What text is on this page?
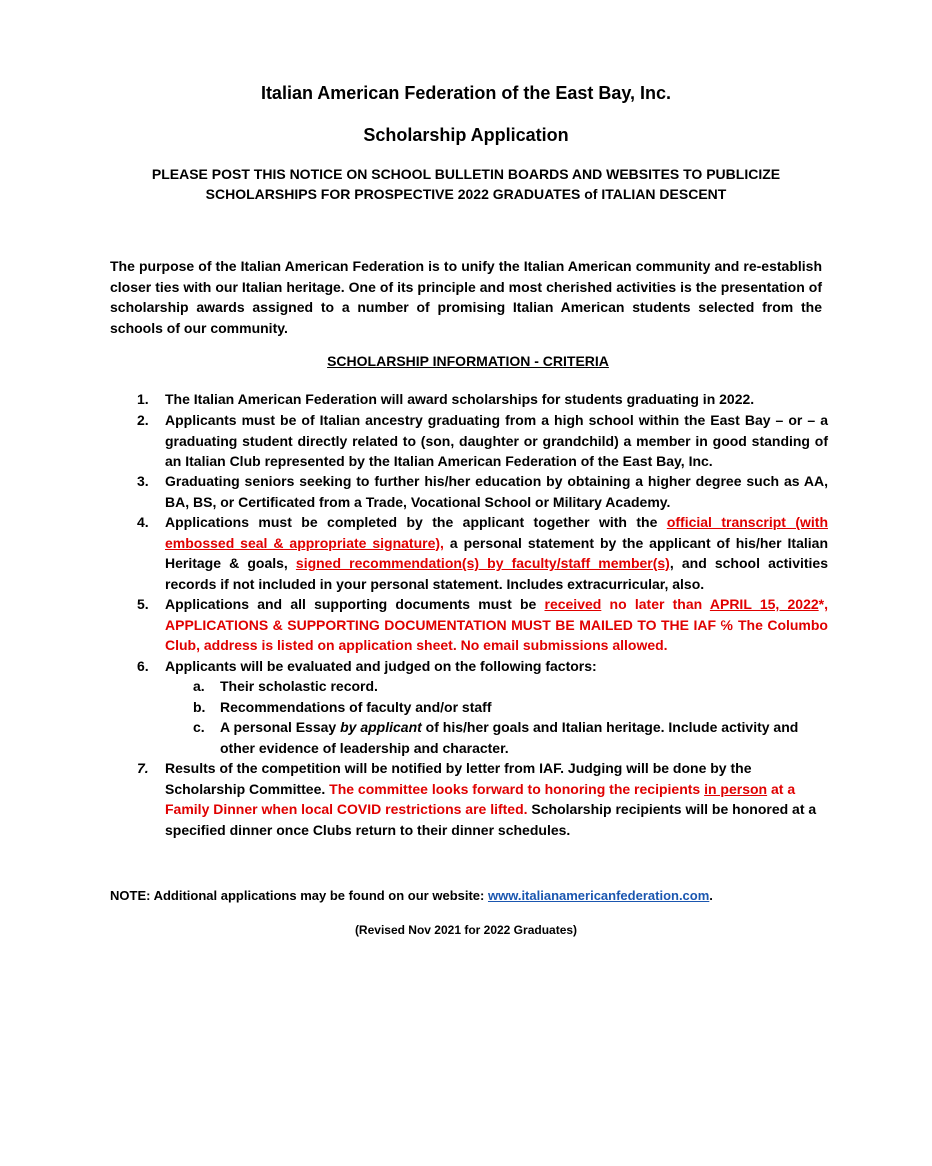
Italian American Federation of the East Bay, Inc.
Scholarship Application
PLEASE POST THIS NOTICE ON SCHOOL BULLETIN BOARDS AND WEBSITES TO PUBLICIZE
SCHOLARSHIPS FOR PROSPECTIVE 2022 GRADUATES of ITALIAN DESCENT
The purpose of the Italian American Federation is to unify the Italian American community and re-establish closer ties with our Italian heritage. One of its principle and most cherished activities is the presentation of scholarship awards assigned to a number of promising Italian American students selected from the schools of our community.
SCHOLARSHIP INFORMATION - CRITERIA
1. The Italian American Federation will award scholarships for students graduating in 2022.
2. Applicants must be of Italian ancestry graduating from a high school within the East Bay – or – a graduating student directly related to (son, daughter or grandchild) a member in good standing of an Italian Club represented by the Italian American Federation of the East Bay, Inc.
3. Graduating seniors seeking to further his/her education by obtaining a higher degree such as AA, BA, BS, or Certificated from a Trade, Vocational School or Military Academy.
4. Applications must be completed by the applicant together with the official transcript (with embossed seal & appropriate signature), a personal statement by the applicant of his/her Italian Heritage & goals, signed recommendation(s) by faculty/staff member(s), and school activities records if not included in your personal statement. Includes extracurricular, also.
5. Applications and all supporting documents must be received no later than APRIL 15, 2022*, APPLICATIONS & SUPPORTING DOCUMENTATION MUST BE MAILED TO THE IAF ℅ The Columbo Club, address is listed on application sheet. No email submissions allowed.
6. Applicants will be evaluated and judged on the following factors:
a. Their scholastic record.
b. Recommendations of faculty and/or staff
c. A personal Essay by applicant of his/her goals and Italian heritage. Include activity and other evidence of leadership and character.
7. Results of the competition will be notified by letter from IAF. Judging will be done by the Scholarship Committee. The committee looks forward to honoring the recipients in person at a Family Dinner when local COVID restrictions are lifted. Scholarship recipients will be honored at a specified dinner once Clubs return to their dinner schedules.
NOTE: Additional applications may be found on our website: www.italianamericanfederation.com.
(Revised Nov 2021 for 2022 Graduates)
